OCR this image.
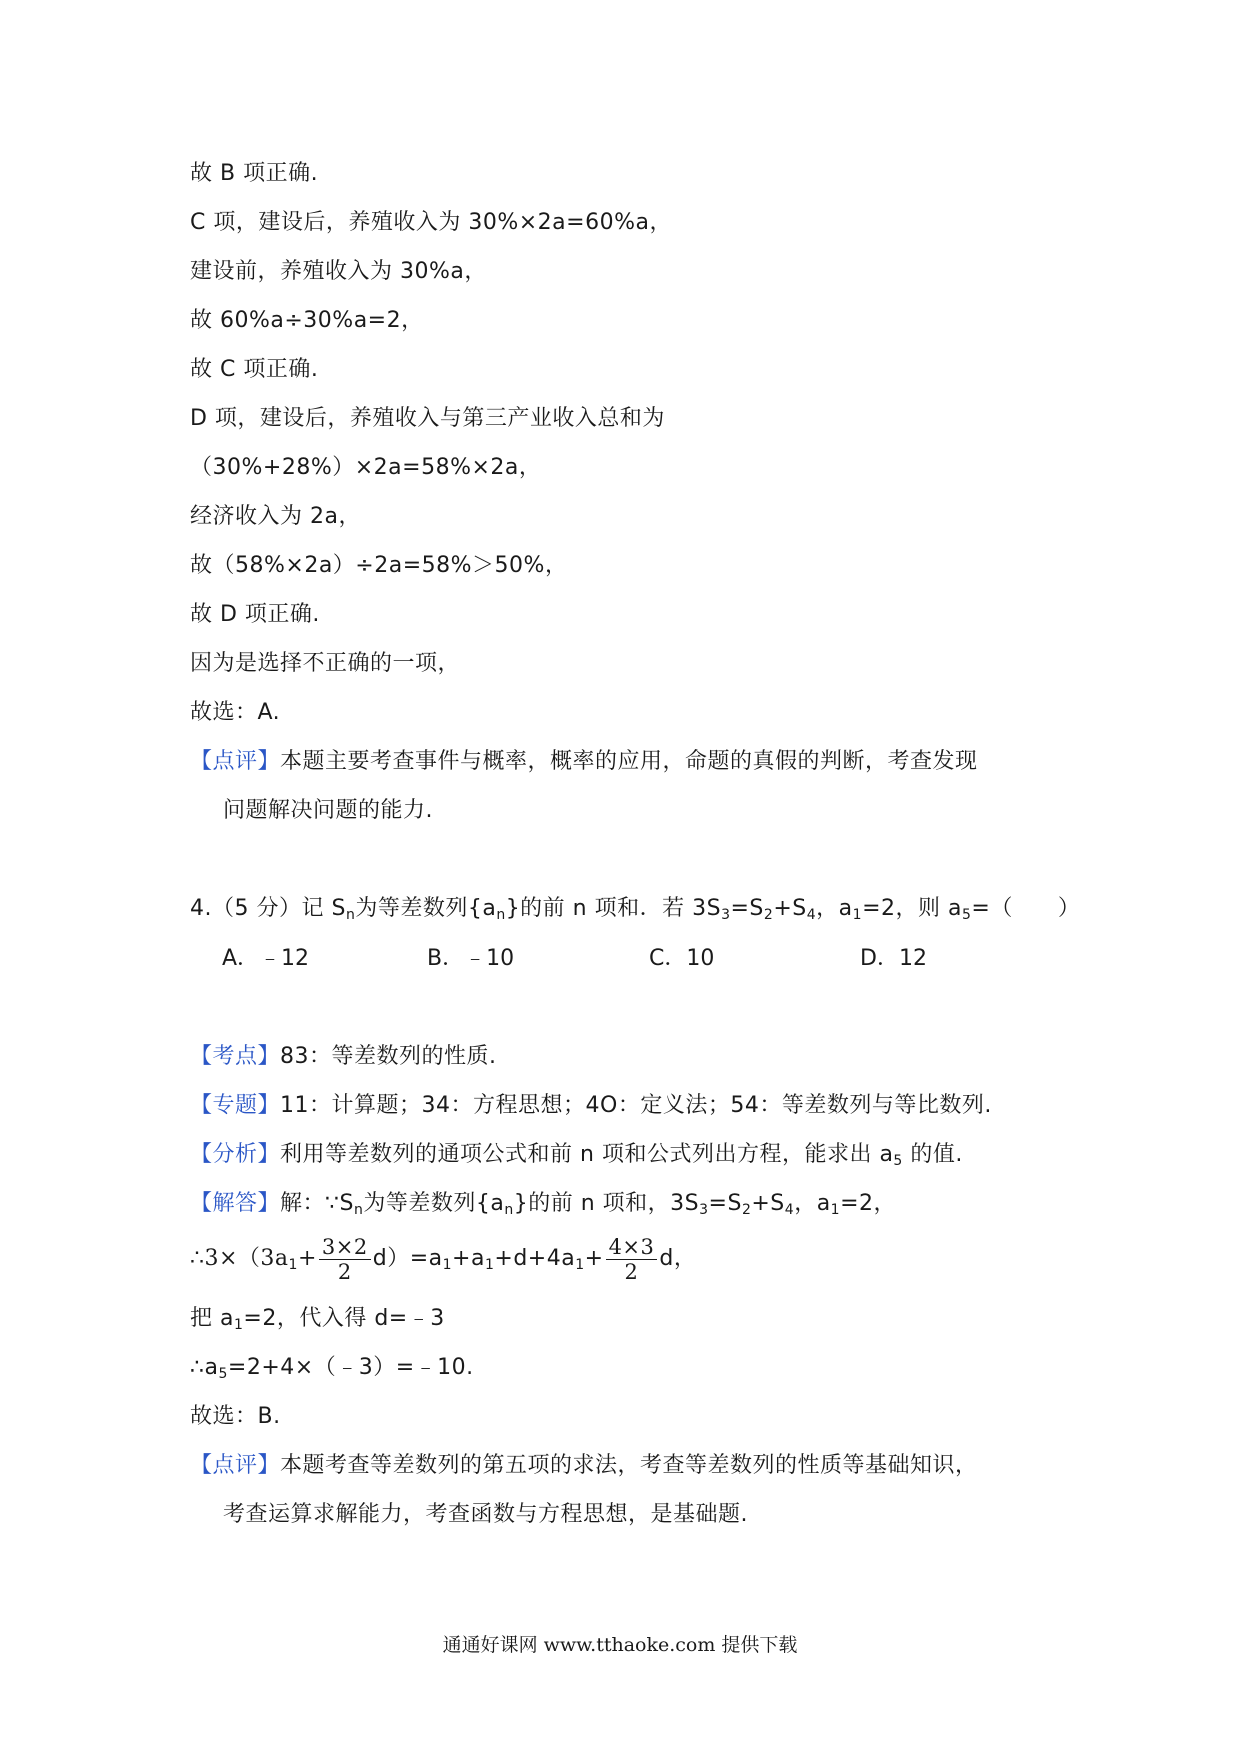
故 B 项正确.
C 项，建设后，养殖收入为 30%×2a=60%a，
建设前，养殖收入为 30%a，
故 60%a÷30%a=2，
故 C 项正确.
D 项，建设后，养殖收入与第三产业收入总和为
（30%+28%）×2a=58%×2a，
经济收入为 2a，
故（58%×2a）÷2a=58%＞50%，
故 D 项正确.
因为是选择不正确的一项，
故选：A.
【点评】本题主要考查事件与概率，概率的应用，命题的真假的判断，考查发现
问题解决问题的能力.
4.（5 分）记 $S_n$为等差数列$\{a_n\}$的前 n 项和．若 $3S_3=S_2+S_4$，$a_1=2$，则 $a_5=$（　　）
A．﹣12	B．﹣10	C．10	D．12
【考点】83：等差数列的性质.
【专题】11：计算题；34：方程思想；4O：定义法；54：等差数列与等比数列.
【分析】利用等差数列的通项公式和前 n 项和公式列出方程，能求出 $a_5$ 的值.
【解答】解：$\because S_n$为等差数列$\{a_n\}$的前 n 项和，$3S_3=S_2+S_4$，$a_1=2$，
$\therefore 3\times(3a_1+ \frac{3\times 2}{2} d)=a_1+a_1+d+4a_1+ \frac{4\times 3}{2}$ d，
把 $a_1=2$，代入得 d=﹣3
$\therefore a_5=2+4\times(﹣3)=﹣10$.
故选：B.
【点评】本题考查等差数列的第五项的求法，考查等差数列的性质等基础知识，
考查运算求解能力，考查函数与方程思想，是基础题.
通通好课网 www.tthaoke.com 提供下载
